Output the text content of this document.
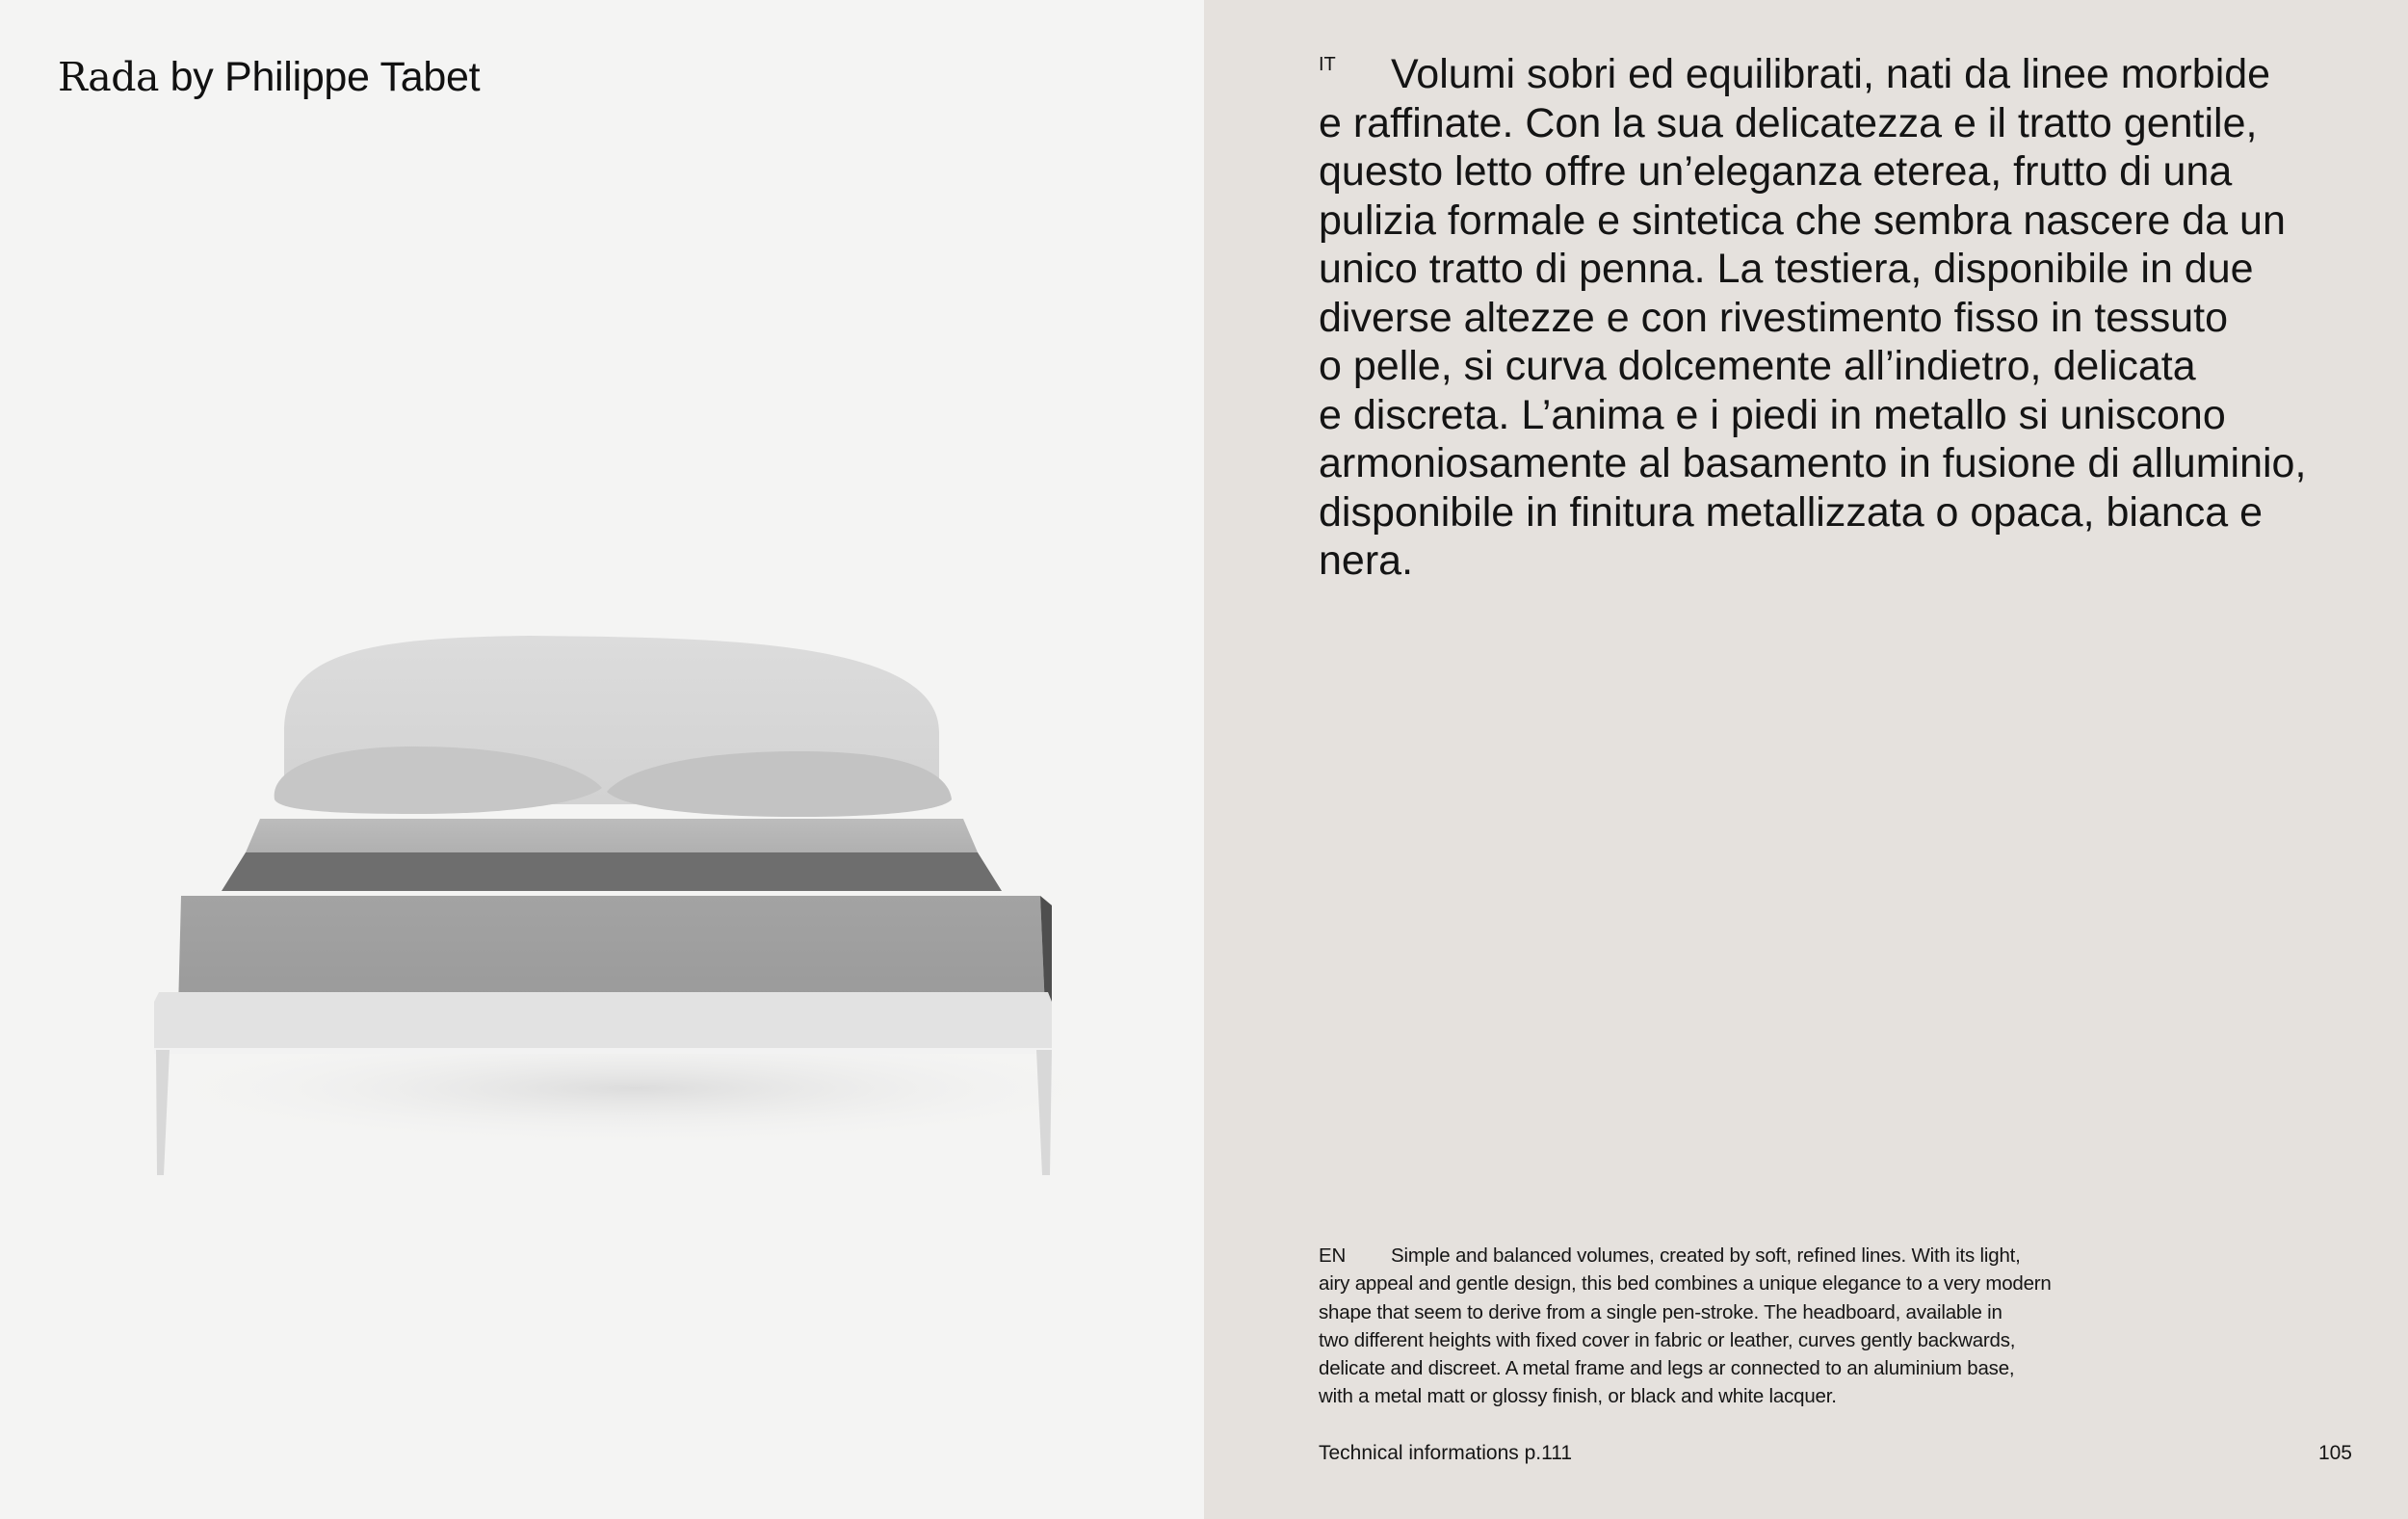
Rada by Philippe Tabet	IT Volumi sobri ed equilibrati, nati da linee morbide
e raffinate. Con la sua delicatezza e il tratto gentile,
questo letto offre un’eleganza eterea, frutto di una
pulizia formale e sintetica che sembra nascere da un
unico tratto di penna. La testiera, disponibile in due
diverse altezze e con rivestimento fisso in tessuto
o pelle, si curva dolcemente all’indietro, delicata
e discreta. L’anima e i piedi in metallo si uniscono
armoniosamente al basamento in fusione di alluminio,
disponibile in finitura metallizzata o opaca, bianca e
nera.
EN Simple and balanced volumes, created by soft, refined lines. With its light,
airy appeal and gentle design, this bed combines a unique elegance to a very modern
shape that seem to derive from a single pen-stroke. The headboard, available in
two different heights with fixed cover in fabric or leather, curves gently backwards,
delicate and discreet. A metal frame and legs ar connected to an aluminium base,
with a metal matt or glossy finish, or black and white lacquer.
Technical informations p.111	105
